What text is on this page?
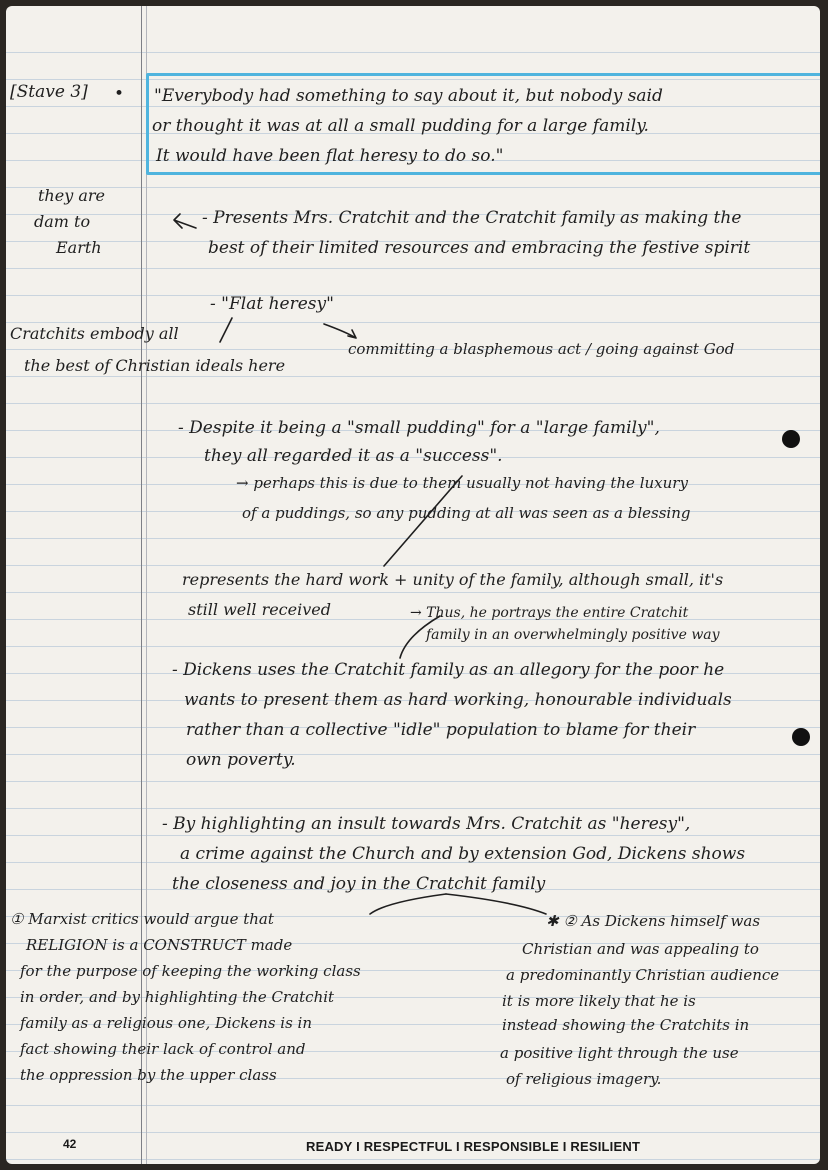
[Stave 3] •
they are
dam to
Earth
"Everybody had something to say about it, but nobody said
or thought it was at all a small pudding for a large family.
It would have been flat heresy to do so."
- Presents Mrs. Cratchit and the Cratchit family as making the
best of their limited resources and embracing the festive spirit
- "Flat heresy"
Cratchits embody all
the best of Christian ideals here
committing a blasphemous act / going against God
- Despite it being a "small pudding" for a "large family",
they all regarded it as a "success".
→ perhaps this is due to them usually not having the luxury
of a puddings, so any pudding at all was seen as a blessing
represents the hard work + unity of the family, although small, it's
still well received	→ Thus, he portrays the entire Cratchit
family in an overwhelmingly positive way
- Dickens uses the Cratchit family as an allegory for the poor he
wants to present them as hard working, honourable individuals
rather than a collective "idle" population to blame for their
own poverty.
- By highlighting an insult towards Mrs. Cratchit as "heresy",
a crime against the Church and by extension God, Dickens shows
the closeness and joy in the Cratchit family
① Marxist critics would argue that
RELIGION is a CONSTRUCT made
for the purpose of keeping the working class
in order, and by highlighting the Cratchit
family as a religious one, Dickens is in
fact showing their lack of control and
the oppression by the upper class
✱ ② As Dickens himself was
Christian and was appealing to
a predominantly Christian audience
it is more likely that he is
instead showing the Cratchits in
a positive light through the use
of religious imagery.
42	READY I RESPECTFUL I RESPONSIBLE I RESILIENT
